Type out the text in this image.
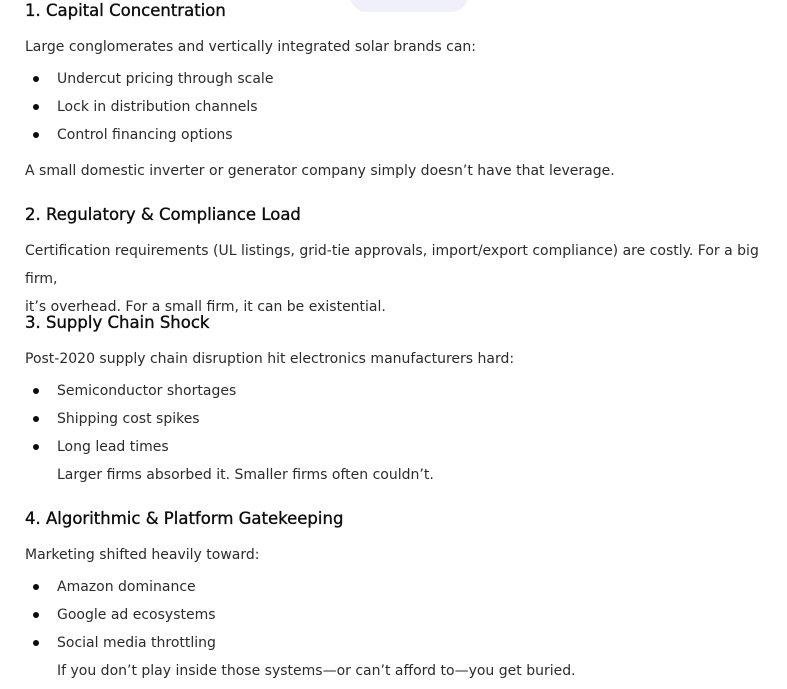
1. Capital Concentration

Large conglomerates and vertically integrated solar brands can:

Undercut pricing through scale
Lock in distribution channels
Control financing options

A small domestic inverter or generator company simply doesn’t have that leverage.

2. Regulatory & Compliance Load

Certification requirements (UL listings, grid-tie approvals, import/export compliance) are costly. For a big firm,

it’s overhead. For a small firm, it can be existential.

3. Supply Chain Shock

Post-2020 supply chain disruption hit electronics manufacturers hard:

Semiconductor shortages
Shipping cost spikes
Long lead times

Larger firms absorbed it. Smaller firms often couldn’t.

4. Algorithmic & Platform Gatekeeping

Marketing shifted heavily toward:

Amazon dominance
Google ad ecosystems
Social media throttling

If you don’t play inside those systems—or can’t afford to—you get buried.
